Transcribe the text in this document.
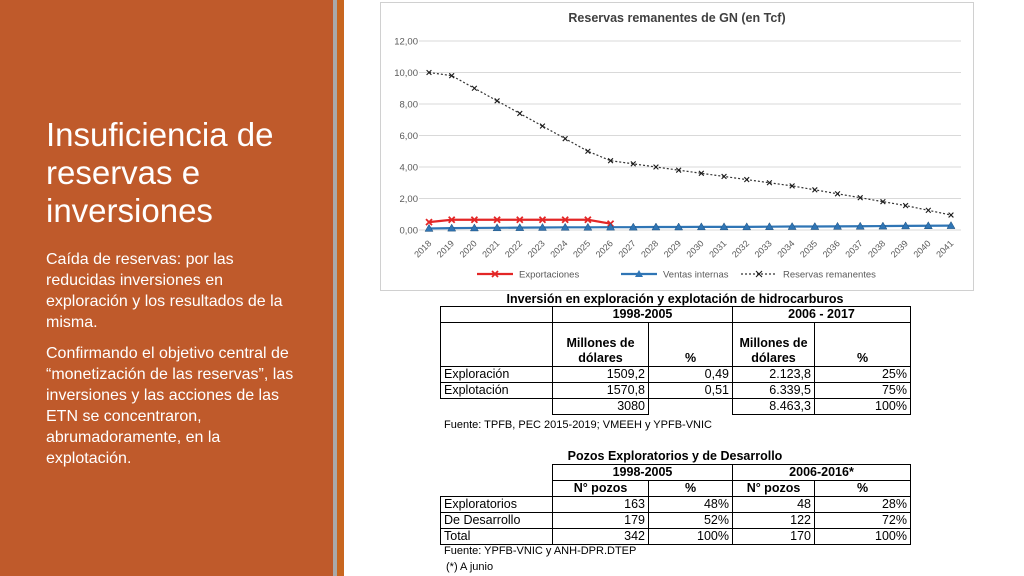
Insuficiencia de reservas e inversiones

Caída de reservas: por las reducidas inversiones en exploración y los resultados de la misma.

Confirmando el objetivo central de “monetización de las reservas”, las inversiones y las acciones de las ETN se concentraron, abrumadoramente, en la explotación.

Reservas remanentes de GN (en Tcf)
0,00
2,00
4,00
6,00
8,00
10,00
12,00
2018 2019 2020 2021 2022 2023 2024 2025 2026 2027 2028 2029 2030 2031 2032 2033 2034 2035 2036 2037 2038 2039 2040 2041
Exportaciones	Ventas internas	Reservas remanentes
Inversión en exploración y explotación de hidrocarburos
	1998-2005		2006 - 2017	
	Millones de	%	Millones de	%
	dólares		dólares	
Exploración	1509,2	0,49	2.123,8	25%
Explotación	1570,8	0,51	6.339,5	75%
	3080		8.463,3	100%
Fuente: TPFB, PEC 2015-2019; VMEEH y YPFB-VNIC
Pozos Exploratorios y de Desarrollo
	1998-2005		2006-2016*	
	N° pozos	%	N° pozos	%
Exploratorios	163	48%	48	28%
De Desarrollo	179	52%	122	72%
Total	342	100%	170	100%
Fuente: YPFB-VNIC y ANH-DPR.DTEP
(*) A junio
